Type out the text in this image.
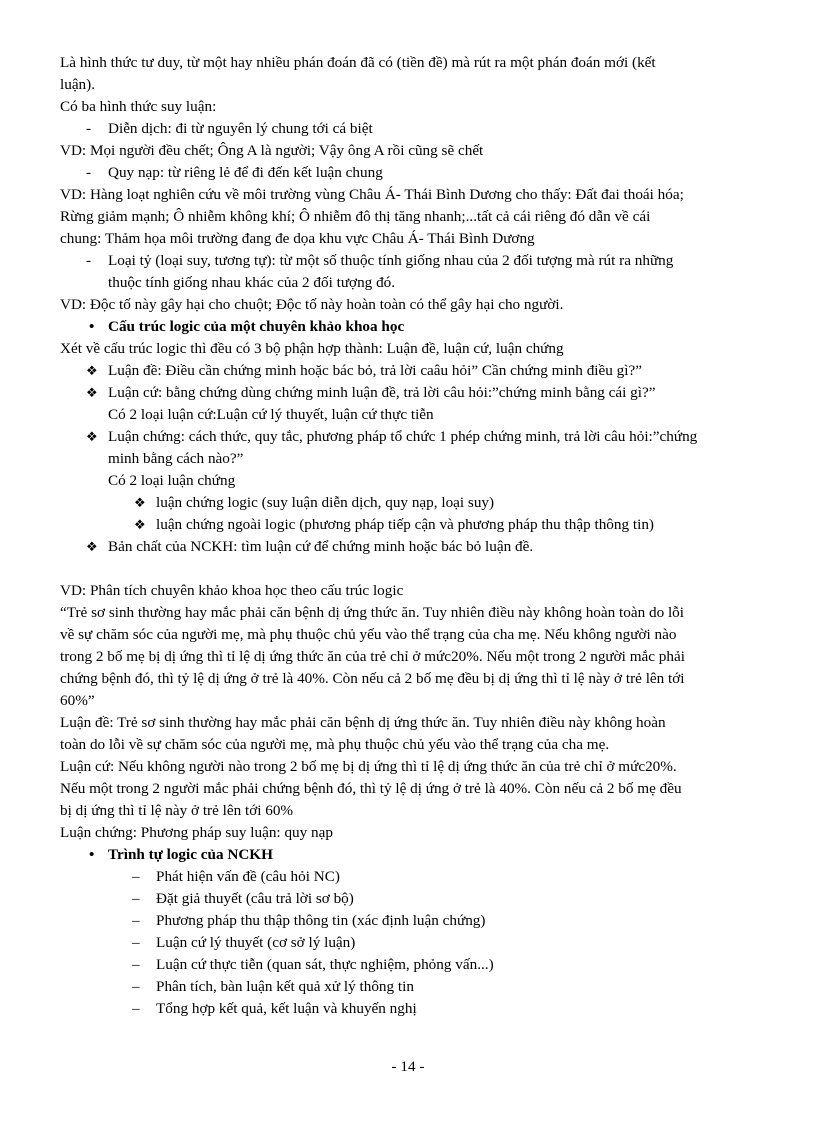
Là hình thức tư duy, từ một hay nhiều phán đoán đã có (tiền đề) mà rút ra một phán đoán mới (kết

luận).

Có ba hình thức suy luận:

- Diễn dịch: đi từ nguyên lý chung tới cá biệt

VD: Mọi người đều chết; Ông A là người; Vậy ông A rồi cũng sẽ chết

- Quy nạp: từ riêng lẻ để đi đến kết luận chung

VD: Hàng loạt nghiên cứu về môi trường vùng Châu Á- Thái Bình Dương cho thấy: Đất đai thoái hóa;

Rừng giảm mạnh; Ô nhiễm không khí; Ô nhiễm đô thị tăng nhanh;...tất cả cái riêng đó dẫn về cái

chung: Thảm họa môi trường đang đe dọa khu vực Châu Á- Thái Bình Dương

- Loại tỷ (loại suy, tương tự): từ một số thuộc tính giống nhau của 2 đối tượng mà rút ra những
thuộc tính giống nhau khác của 2 đối tượng đó.

VD: Độc tố này gây hại cho chuột; Độc tố này hoàn toàn có thể gây hại cho người.

• Cấu trúc logic của một chuyên khảo khoa học

Xét về cấu trúc logic thì đều có 3 bộ phận hợp thành: Luận đề, luận cứ, luận chứng

❖ Luận đề: Điều cần chứng minh hoặc bác bỏ, trả lời caâu hỏi” Cần chứng minh điều gì?”
❖ Luận cứ: bằng chứng dùng chứng minh luận đề, trả lời câu hỏi:”chứng minh bằng cái gì?”
Có 2 loại luận cứ:Luận cứ lý thuyết, luận cứ thực tiễn
❖ Luận chứng: cách thức, quy tắc, phương pháp tổ chức 1 phép chứng minh, trả lời câu hỏi:”chứng
minh bằng cách nào?”
Có 2 loại luận chứng
❖ luận chứng logic (suy luận diễn dịch, quy nạp, loại suy)
❖ luận chứng ngoài logic (phương pháp tiếp cận và phương pháp thu thập thông tin)
❖ Bản chất của NCKH: tìm luận cứ để chứng minh hoặc bác bỏ luận đề.

VD: Phân tích chuyên khảo khoa học theo cấu trúc logic

“Trẻ sơ sinh thường hay mắc phải căn bệnh dị ứng thức ăn. Tuy nhiên điều này không hoàn toàn do lỗi

về sự chăm sóc của người mẹ, mà phụ thuộc chủ yếu vào thể trạng của cha mẹ. Nếu không người nào

trong 2 bố mẹ bị dị ứng thì tỉ lệ dị ứng thức ăn của trẻ chỉ ở mức20%. Nếu một trong 2 người mắc phải

chứng bệnh đó, thì tỷ lệ dị ứng ở trẻ là 40%. Còn nếu cả 2 bố mẹ đều bị dị ứng thì tỉ lệ này ở trẻ lên tới

60%”

Luận đề: Trẻ sơ sinh thường hay mắc phải căn bệnh dị ứng thức ăn. Tuy nhiên điều này không hoàn

toàn do lỗi về sự chăm sóc của người mẹ, mà phụ thuộc chủ yếu vào thể trạng của cha mẹ.

Luận cứ: Nếu không người nào trong 2 bố mẹ bị dị ứng thì tỉ lệ dị ứng thức ăn của trẻ chỉ ở mức20%.

Nếu một trong 2 người mắc phải chứng bệnh đó, thì tỷ lệ dị ứng ở trẻ là 40%. Còn nếu cả 2 bố mẹ đều

bị dị ứng thì tỉ lệ này ở trẻ lên tới 60%

Luận chứng: Phương pháp suy luận: quy nạp

• Trình tự logic của NCKH
– Phát hiện vấn đề (câu hỏi NC)
– Đặt giả thuyết (câu trả lời sơ bộ)
– Phương pháp thu thập thông tin (xác định luận chứng)
– Luận cứ lý thuyết (cơ sở lý luận)
– Luận cứ thực tiễn (quan sát, thực nghiệm, phỏng vấn...)
– Phân tích, bàn luận kết quả xử lý thông tin
– Tổng hợp kết quả, kết luận và khuyến nghị
- 14 -
